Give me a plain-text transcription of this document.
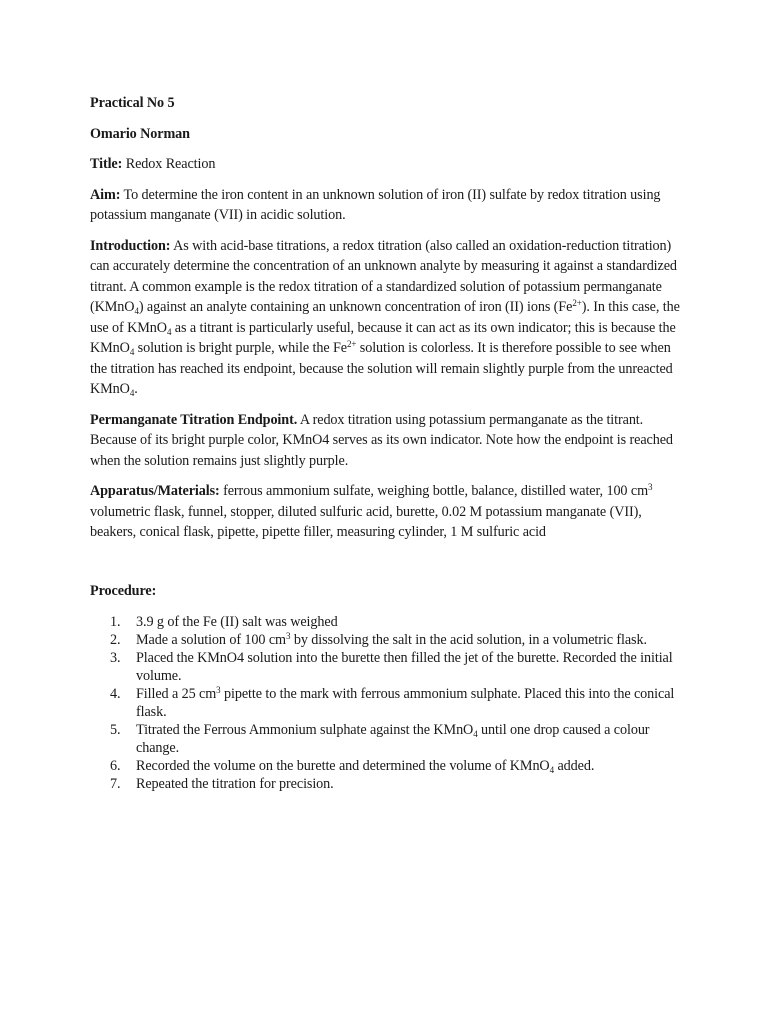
Practical No 5

Omario Norman

Title: Redox Reaction

Aim: To determine the iron content in an unknown solution of iron (II) sulfate by redox titration using potassium manganate (VII) in acidic solution.

Introduction: As with acid-base titrations, a redox titration (also called an oxidation-reduction titration) can accurately determine the concentration of an unknown analyte by measuring it against a standardized titrant. A common example is the redox titration of a standardized solution of potassium permanganate (KMnO$_4$) against an analyte containing an unknown concentration of iron (II) ions $(Fe^{2+})$. In this case, the use of KMnO$_4$ as a titrant is particularly useful, because it can act as its own indicator; this is because the KMnO$_4$ solution is bright purple, while the $Fe^{2+}$ solution is colorless. It is therefore possible to see when the titration has reached its endpoint, because the solution will remain slightly purple from the unreacted KMnO$_4$.

Permanganate Titration Endpoint. A redox titration using potassium permanganate as the titrant. Because of its bright purple color, KMnO4 serves as its own indicator. Note how the endpoint is reached when the solution remains just slightly purple.

Apparatus/Materials: ferrous ammonium sulfate, weighing bottle, balance, distilled water, 100 $cm^3$ volumetric flask, funnel, stopper, diluted sulfuric acid, burette, 0.02 M potassium manganate (VII), beakers, conical flask, pipette, pipette filler, measuring cylinder, 1 M sulfuric acid

Procedure:

1. 3.9 g of the Fe (II) salt was weighed
2. Made a solution of 100 $cm^3$ by dissolving the salt in the acid solution, in a volumetric flask.
3. Placed the KMnO4 solution into the burette then filled the jet of the burette. Recorded the initial volume.
4. Filled a 25 $cm^3$ pipette to the mark with ferrous ammonium sulphate. Placed this into the conical flask.
5. Titrated the Ferrous Ammonium sulphate against the KMnO$_4$ until one drop caused a colour change.
6. Recorded the volume on the burette and determined the volume of KMnO$_4$ added.
7. Repeated the titration for precision.
